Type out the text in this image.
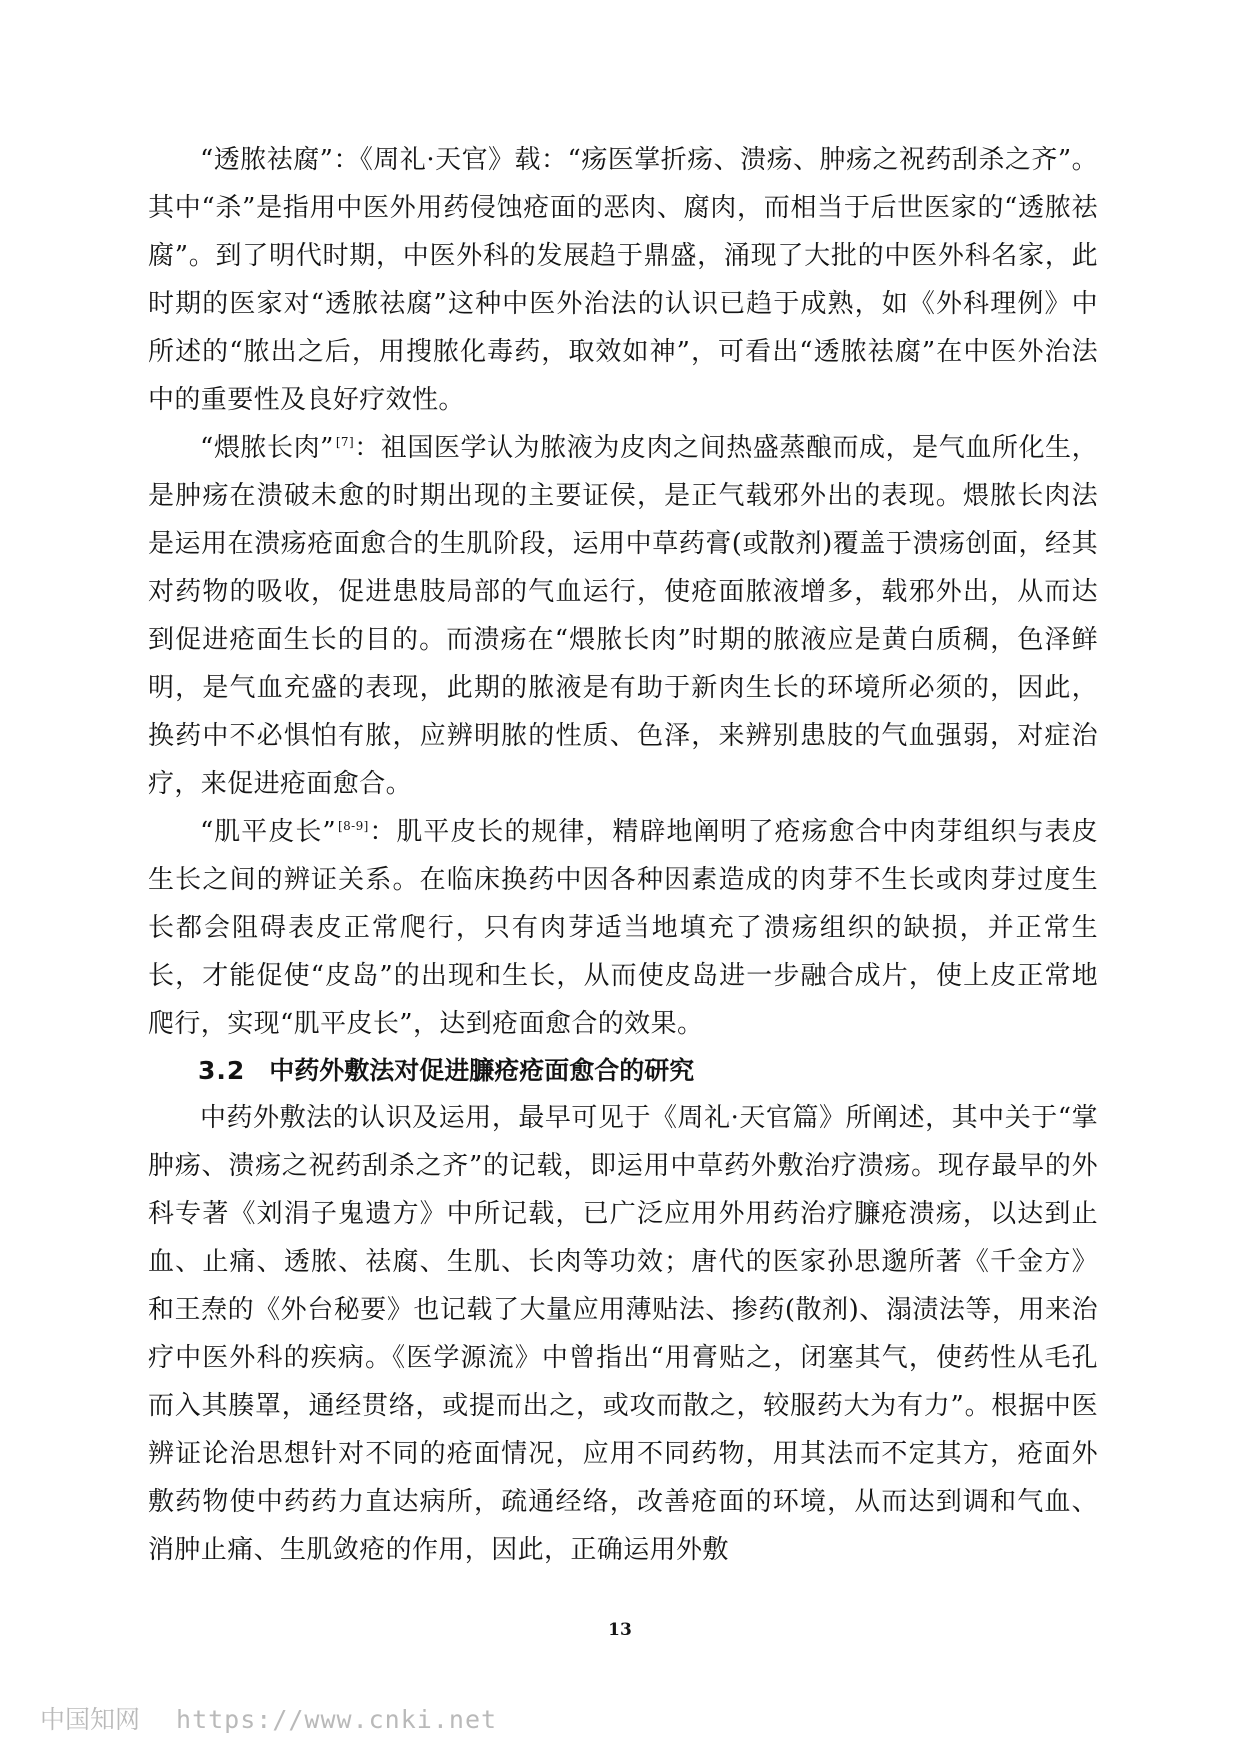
“透脓祛腐”：《周礼·天官》载：“疡医掌折疡、溃疡、肿疡之祝药刮杀之齐”。其中“杀”是指用中医外用药侵蚀疮面的恶肉、腐肉，而相当于后世医家的“透脓祛腐”。到了明代时期，中医外科的发展趋于鼎盛，涌现了大批的中医外科名家，此时期的医家对“透脓祛腐”这种中医外治法的认识已趋于成熟，如《外科理例》中所述的“脓出之后，用搜脓化毒药，取效如神”，可看出“透脓祛腐”在中医外治法中的重要性及良好疗效性。

“煨脓长肉” [7]：祖国医学认为脓液为皮肉之间热盛蒸酿而成，是气血所化生，是肿疡在溃破未愈的时期出现的主要证侯，是正气载邪外出的表现。煨脓长肉法是运用在溃疡疮面愈合的生肌阶段，运用中草药膏(或散剂)覆盖于溃疡创面，经其对药物的吸收，促进患肢局部的气血运行，使疮面脓液增多，载邪外出，从而达到促进疮面生长的目的。而溃疡在“煨脓长肉”时期的脓液应是黄白质稠，色泽鲜明，是气血充盛的表现，此期的脓液是有助于新肉生长的环境所必须的，因此，换药中不必惧怕有脓，应辨明脓的性质、色泽，来辨别患肢的气血强弱，对症治疗，来促进疮面愈合。

“肌平皮长” [8-9]：肌平皮长的规律，精辟地阐明了疮疡愈合中肉芽组织与表皮生长之间的辨证关系。在临床换药中因各种因素造成的肉芽不生长或肉芽过度生长都会阻碍表皮正常爬行，只有肉芽适当地填充了溃疡组织的缺损，并正常生长，才能促使“皮岛”的出现和生长，从而使皮岛进一步融合成片，使上皮正常地爬行，实现“肌平皮长”，达到疮面愈合的效果。

3.2 中药外敷法对促进臁疮疮面愈合的研究

中药外敷法的认识及运用，最早可见于《周礼·天官篇》所阐述，其中关于“掌肿疡、溃疡之祝药刮杀之齐”的记载，即运用中草药外敷治疗溃疡。现存最早的外科专著《刘涓子鬼遗方》中所记载，已广泛应用外用药治疗臁疮溃疡，以达到止血、止痛、透脓、祛腐、生肌、长肉等功效；唐代的医家孙思邈所著《千金方》和王焘的《外台秘要》也记载了大量应用薄贴法、掺药(散剂)、溻渍法等，用来治疗中医外科的疾病。《医学源流》中曾指出“用膏贴之，闭塞其气，使药性从毛孔而入其腠罩，通经贯络，或提而出之，或攻而散之，较服药大为有力”。根据中医辨证论治思想针对不同的疮面情况，应用不同药物，用其法而不定其方，疮面外敷药物使中药药力直达病所，疏通经络，改善疮面的环境，从而达到调和气血、消肿止痛、生肌敛疮的作用，因此，正确运用外敷

13
中国知网 https://www.cnki.net
